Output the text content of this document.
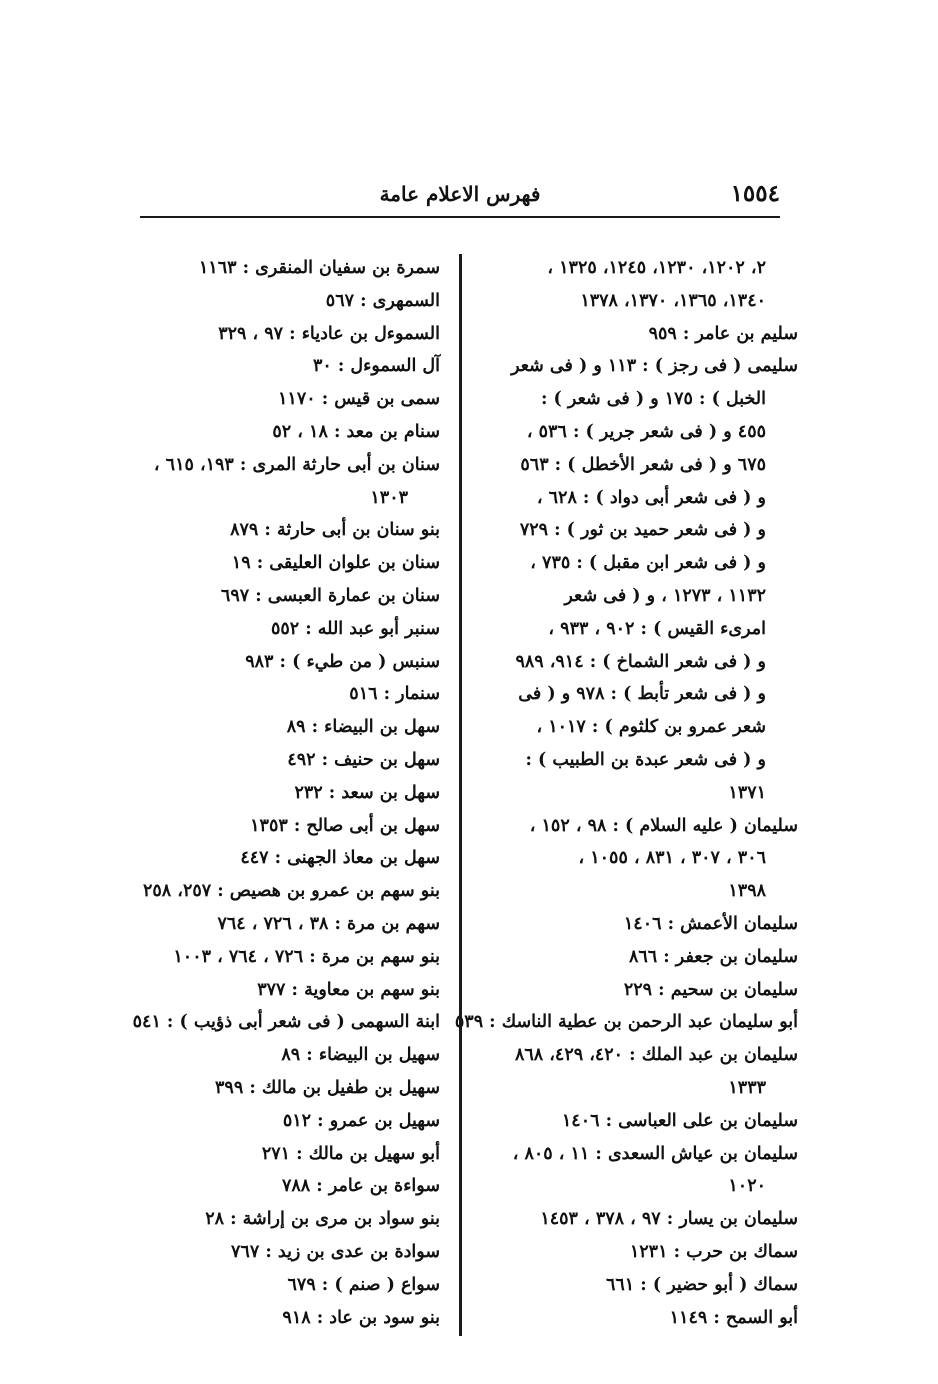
١٥٥٤
فهرس الاعلام عامة
٢، ١٢٠٢، ١٢٣٠، ١٢٤٥، ١٣٢٥ ،
١٣٤٠، ١٣٦٥، ١٣٧٠، ١٣٧٨
سليم بن عامر : ٩٥٩
سليمى ( فى رجز ) : ١١٣ و ( فى شعر
الخبل ) : ١٧٥ و ( فى شعر ) :
٤٥٥ و ( فى شعر جرير ) : ٥٣٦ ،
٦٧٥ و ( فى شعر الأخطل ) : ٥٦٣
و ( فى شعر أبى دواد ) : ٦٢٨ ،
و ( فى شعر حميد بن ثور ) : ٧٢٩
و ( فى شعر ابن مقبل ) : ٧٣٥ ،
١١٣٢ ، ١٢٧٣ ، و ( فى شعر
امرىء القيس ) : ٩٠٢ ، ٩٣٣ ،
و ( فى شعر الشماخ ) : ٩١٤، ٩٨٩
و ( فى شعر تأبط ) : ٩٧٨ و ( فى
شعر عمرو بن كلثوم ) : ١٠١٧ ،
و ( فى شعر عبدة بن الطبيب ) :
١٣٧١
سليمان ( عليه السلام ) : ٩٨ ، ١٥٢ ،
٣٠٦ ، ٣٠٧ ، ٨٣١ ، ١٠٥٥ ،
١٣٩٨
سليمان الأعمش : ١٤٠٦
سليمان بن جعفر : ٨٦٦
سليمان بن سحيم : ٢٢٩
أبو سليمان عبد الرحمن بن عطية الناسك : ٥٣٩
سليمان بن عبد الملك : ٤٢٠، ٤٢٩، ٨٦٨
١٣٣٣
سليمان بن على العباسى : ١٤٠٦
سليمان بن عياش السعدى : ١١ ، ٨٠٥ ،
١٠٢٠
سليمان بن يسار : ٩٧ ، ٣٧٨ ، ١٤٥٣
سماك بن حرب : ١٢٣١
سماك ( أبو حضير ) : ٦٦١
أبو السمح : ١١٤٩
سمرة بن سفيان المنقرى : ١١٦٣
السمهرى : ٥٦٧
السموءل بن عادياء : ٩٧ ، ٣٢٩
آل السموءل : ٣٠
سمى بن قيس : ١١٧٠
سنام بن معد : ١٨ ، ٥٢
سنان بن أبى حارثة المرى : ١٩٣، ٦١٥ ،
١٣٠٣
بنو سنان بن أبى حارثة : ٨٧٩
سنان بن علوان العليقى : ١٩
سنان بن عمارة العبسى : ٦٩٧
سنبر أبو عبد الله : ٥٥٢
سنبس ( من طيء ) : ٩٨٣
سنمار : ٥١٦
سهل بن البيضاء : ٨٩
سهل بن حنيف : ٤٩٢
سهل بن سعد : ٢٣٢
سهل بن أبى صالح : ١٣٥٣
سهل بن معاذ الجهنى : ٤٤٧
بنو سهم بن عمرو بن هصيص : ٢٥٧، ٢٥٨
سهم بن مرة : ٣٨ ، ٧٢٦ ، ٧٦٤
بنو سهم بن مرة : ٧٢٦ ، ٧٦٤ ، ١٠٠٣
بنو سهم بن معاوية : ٣٧٧
ابنة السهمى ( فى شعر أبى ذؤيب ) : ٥٤١
سهيل بن البيضاء : ٨٩
سهيل بن طفيل بن مالك : ٣٩٩
سهيل بن عمرو : ٥١٢
أبو سهيل بن مالك : ٢٧١
سواءة بن عامر : ٧٨٨
بنو سواد بن مرى بن إراشة : ٢٨
سوادة بن عدى بن زيد : ٧٦٧
سواع ( صنم ) : ٦٧٩
بنو سود بن عاد : ٩١٨
